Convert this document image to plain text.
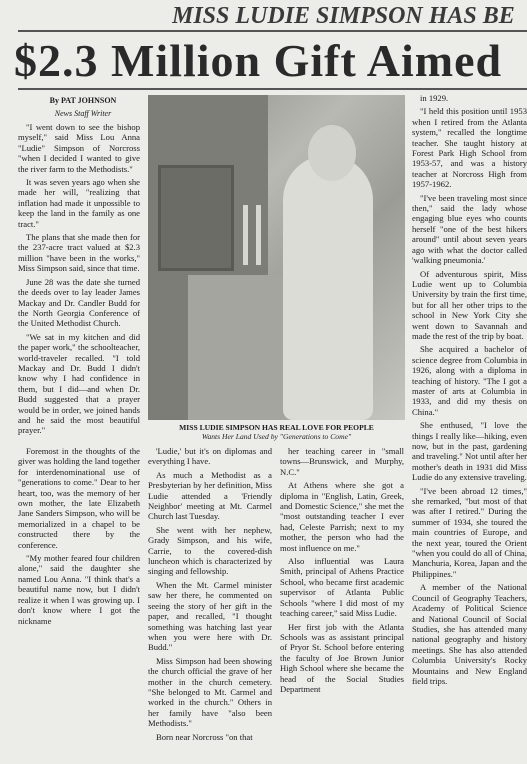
MISS LUDIE SIMPSON HAS BE
$2.3 Million Gift Aimed

By PAT JOHNSON

News Staff Writer

"I went down to see the bishop myself," said Miss Lou Anna "Ludie" Simpson of Norcross "when I decided I wanted to give the river farm to the Methodists."

It was seven years ago when she made her will, "realizing that inflation had made it unpossible to keep the land in the family as one tract."

The plans that she made then for the 237-acre tract valued at $2.3 million "have been in the works," Miss Simpson said, since that time.

June 28 was the date she turned the deeds over to lay leader James Mackay and Dr. Candler Budd for the North Georgia Conference of the United Methodist Church.

"We sat in my kitchen and did the paper work," the schoolteacher, world-traveler recalled. "I told Mackay and Dr. Budd I didn't know why I had confidence in them, but I did—and when Dr. Budd suggested that a prayer would be in order, we joined hands and he said the most beautiful prayer."

Foremost in the thoughts of the giver was holding the land together for interdenominational use of "generations to come." Dear to her heart, too, was the memory of her own mother, the late Elizabeth Jane Sanders Simpson, who will be memorialized in a chapel to be constructed there by the conference.

"My mother feared four children alone," said the daughter she named Lou Anna. "I think that's a beautiful name now, but I didn't realize it when I was growing up. I don't know where I got the nickname

MISS LUDIE SIMPSON HAS REAL LOVE FOR PEOPLE
Wants Her Land Used by "Generations to Come"

'Ludie,' but it's on diplomas and everything I have.

As much a Methodist as a Presbyterian by her definition, Miss Ludie attended a 'Friendly Neighbor' meeting at Mt. Carmel Church last Tuesday.

She went with her nephew, Grady Simpson, and his wife, Carrie, to the covered-dish luncheon which is characterized by singing and fellowship.

When the Mt. Carmel minister saw her there, he commented on seeing the story of her gift in the paper, and recalled, "I thought something was hatching last year when you were here with Dr. Budd."

Miss Simpson had been showing the church official the grave of her mother in the church cemetery. "She belonged to Mt. Carmel and worked in the church." Others in her family have "also been Methodists."

Born near Norcross "on that

her teaching career in "small towns—Brunswick, and Murphy, N.C."

At Athens where she got a diploma in "English, Latin, Greek, and Domestic Science," she met the "most outstanding teacher I ever had, Celeste Parrish; next to my mother, the person who had the most influence on me."

Also influential was Laura Smith, principal of Athens Practice School, who became first academic supervisor of Atlanta Public Schools "where I did most of my teaching career," said Miss Ludie.

Her first job with the Atlanta Schools was as assistant principal of Pryor St. School before entering the faculty of Joe Brown Junior High School where she became the head of the Social Studies Department

in 1929.

"I held this position until 1953 when I retired from the Atlanta system," recalled the longtime teacher. She taught history at Forest Park High School from 1953-57, and was a history teacher at Norcross High from 1957-1962.

"I've been traveling most since then," said the lady whose engaging blue eyes who counts herself "one of the best hikers around" until about seven years ago with what the doctor called 'walking pneumonia.'

Of adventurous spirit, Miss Ludie went up to Columbia University by train the first time, but for all her other trips to the school in New York City she went down to Savannah and made the rest of the trip by boat.

She acquired a bachelor of science degree from Columbia in 1926, along with a diploma in teaching of history. "The I got a master of arts at Columbia in 1933, and did my thesis on China."

She enthused, "I love the things I really like—hiking, even now, but in the past, gardening and traveling." Not until after her mother's death in 1931 did Miss Ludie do any extensive traveling.

"I've been abroad 12 times," she remarked, "but most of that was after I retired." During the summer of 1934, she toured the main countries of Europe, and the next year, toured the Orient "when you could do all of China, Manchuria, Korea, Japan and the Philippines."

A member of the National Council of Geography Teachers, Academy of Political Science and National Council of Social Studies, she has attended many national geography and history meetings. She has also attended Columbia University's Rocky Mountains and New England field trips.
